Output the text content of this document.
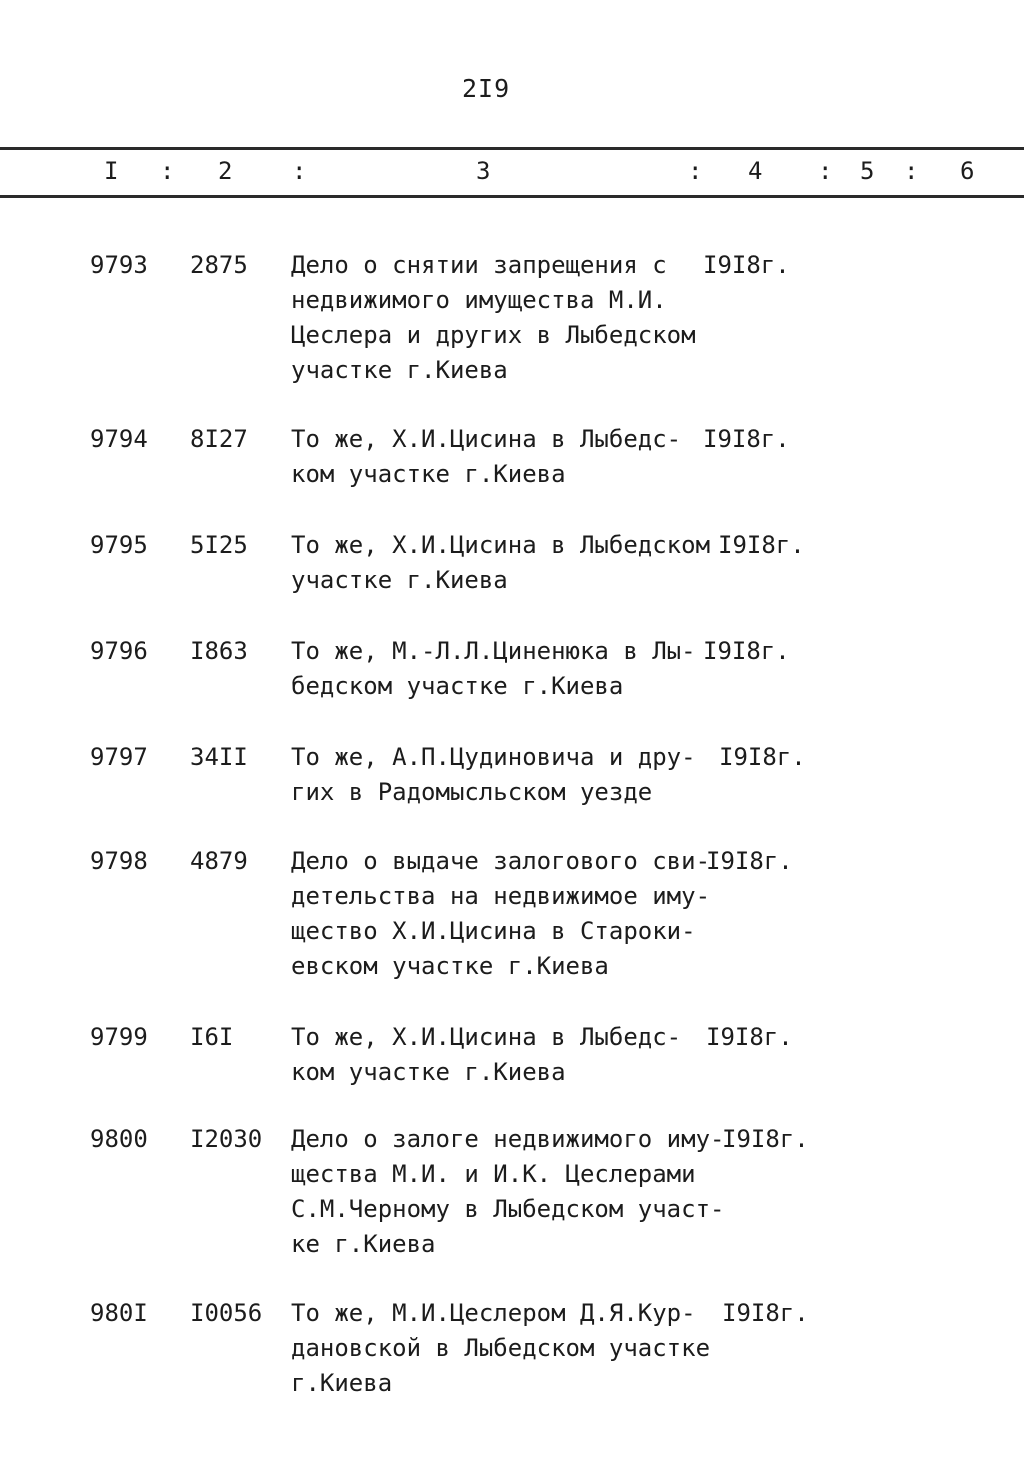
2I9
I : 2 :	3	: 4 : 5 : 6
9793 2875 Дело о снятии запрещения с
недвижимого имущества М.И.
Цеслера и других в Лыбедском
участке г.Киева
I9I8г.
9794 8I27 То же, Х.И.Цисина в Лыбедс-
ком участке г.Киева
I9I8г.
9795 5I25 То же, Х.И.Цисина в Лыбедском
участке г.Киева
I9I8г.
9796 I863 То же, М.-Л.Л.Циненюка в Лы-
бедском участке г.Киева
I9I8г.
9797 34II То же, А.П.Цудиновича и дру-
гих в Радомысльском уезде
I9I8г.
9798 4879 Дело о выдаче залогового сви-
детельства на недвижимое иму-
щество Х.И.Цисина в Староки-
евском участке г.Киева
I9I8г.
9799 I6I То же, Х.И.Цисина в Лыбедс-
ком участке г.Киева
I9I8г.
9800 I2030 Дело о залоге недвижимого иму-
щества М.И. и И.К. Цеслерами
С.М.Черному в Лыбедском участ-
ке г.Киева
I9I8г.
980I I0056 То же, М.И.Цеслером Д.Я.Кур-
дановской в Лыбедском участке
г.Киева
I9I8г.
